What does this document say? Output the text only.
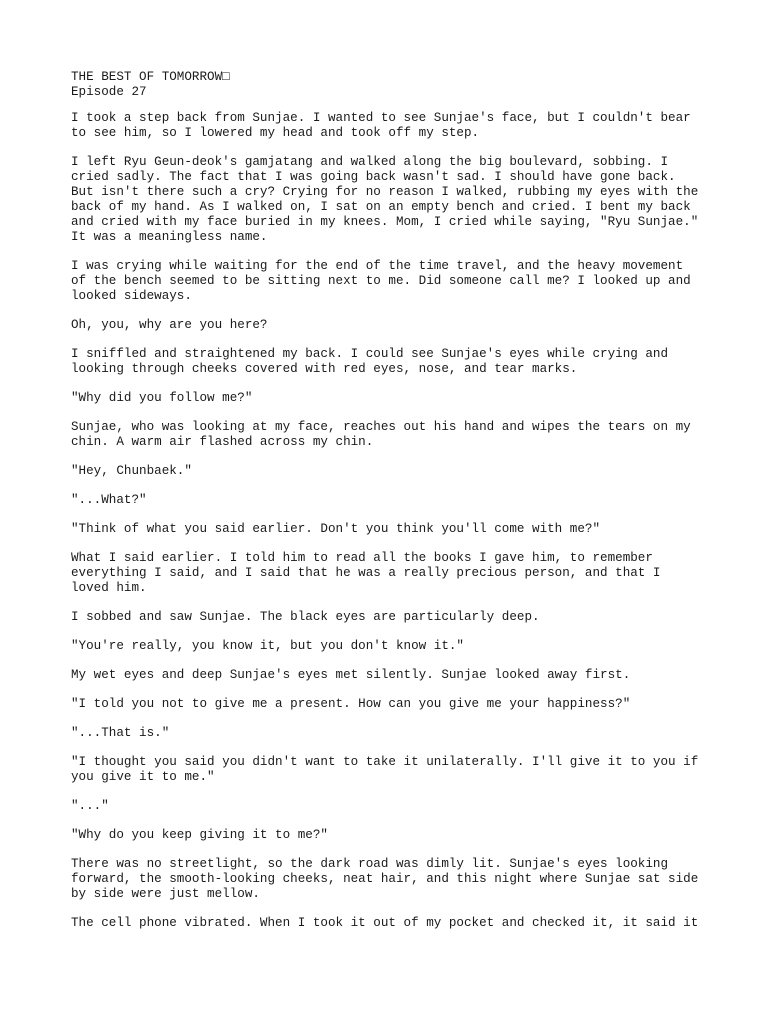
THE BEST OF TOMORROW□
Episode 27

I took a step back from Sunjae. I wanted to see Sunjae's face, but I couldn't bear
to see him, so I lowered my head and took off my step.

I left Ryu Geun-deok's gamjatang and walked along the big boulevard, sobbing. I
cried sadly. The fact that I was going back wasn't sad. I should have gone back.
But isn't there such a cry? Crying for no reason I walked, rubbing my eyes with the
back of my hand. As I walked on, I sat on an empty bench and cried. I bent my back
and cried with my face buried in my knees. Mom, I cried while saying, "Ryu Sunjae."
It was a meaningless name.

I was crying while waiting for the end of the time travel, and the heavy movement
of the bench seemed to be sitting next to me. Did someone call me? I looked up and
looked sideways.

Oh, you, why are you here?

I sniffled and straightened my back. I could see Sunjae's eyes while crying and
looking through cheeks covered with red eyes, nose, and tear marks.

"Why did you follow me?"

Sunjae, who was looking at my face, reaches out his hand and wipes the tears on my
chin. A warm air flashed across my chin.

"Hey, Chunbaek."

"...What?"

"Think of what you said earlier. Don't you think you'll come with me?"

What I said earlier. I told him to read all the books I gave him, to remember
everything I said, and I said that he was a really precious person, and that I
loved him.

I sobbed and saw Sunjae. The black eyes are particularly deep.

"You're really, you know it, but you don't know it."

My wet eyes and deep Sunjae's eyes met silently. Sunjae looked away first.

"I told you not to give me a present. How can you give me your happiness?"

"...That is."

"I thought you said you didn't want to take it unilaterally. I'll give it to you if
you give it to me."

"..."

"Why do you keep giving it to me?"

There was no streetlight, so the dark road was dimly lit. Sunjae's eyes looking
forward, the smooth-looking cheeks, neat hair, and this night where Sunjae sat side
by side were just mellow.

The cell phone vibrated. When I took it out of my pocket and checked it, it said it
